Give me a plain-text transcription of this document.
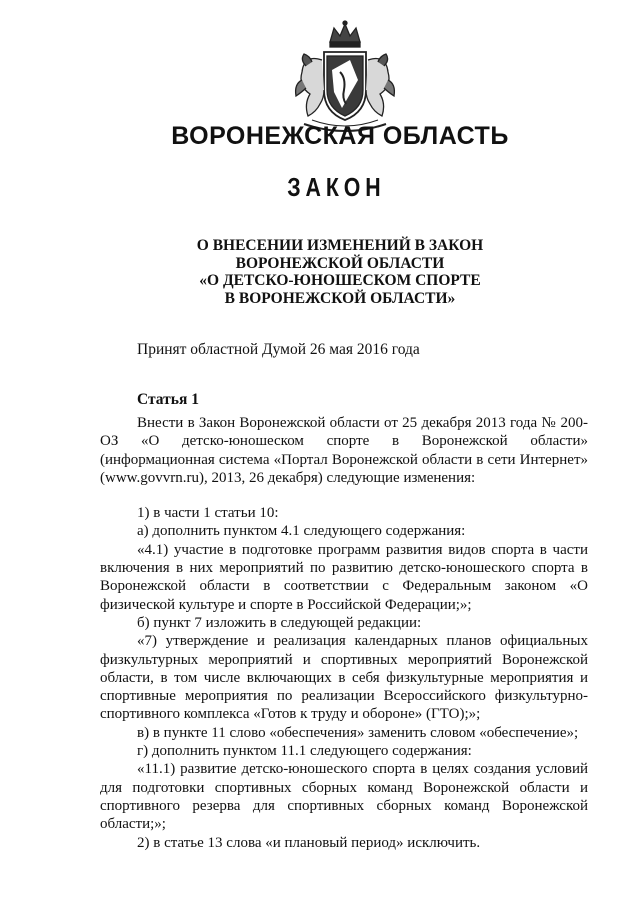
ВОРОНЕЖСКАЯ ОБЛАСТЬ
ЗАКОН
О ВНЕСЕНИИ ИЗМЕНЕНИЙ В ЗАКОН
ВОРОНЕЖСКОЙ ОБЛАСТИ
«О ДЕТСКО-ЮНОШЕСКОМ СПОРТЕ
В ВОРОНЕЖСКОЙ ОБЛАСТИ»
Принят областной Думой 26 мая 2016 года
Статья 1

Внести в Закон Воронежской области от 25 декабря 2013 года № 200-ОЗ «О детско-юношеском спорте в Воронежской области» (информационная система «Портал Воронежской области в сети Интернет» (www.govvrn.ru), 2013, 26 декабря) следующие изменения:

1) в части 1 статьи 10:

а) дополнить пунктом 4.1 следующего содержания:

«4.1) участие в подготовке программ развития видов спорта в части включения в них мероприятий по развитию детско-юношеского спорта в Воронежской области в соответствии с Федеральным законом «О физической культуре и спорте в Российской Федерации;»;

б) пункт 7 изложить в следующей редакции:

«7) утверждение и реализация календарных планов официальных физкультурных мероприятий и спортивных мероприятий Воронежской области, в том числе включающих в себя физкультурные мероприятия и спортивные мероприятия по реализации Всероссийского физкультурно-спортивного комплекса «Готов к труду и обороне» (ГТО);»;

в) в пункте 11 слово «обеспечения» заменить словом «обеспечение»;

г) дополнить пунктом 11.1 следующего содержания:

«11.1) развитие детско-юношеского спорта в целях создания условий для подготовки спортивных сборных команд Воронежской области и спортивного резерва для спортивных сборных команд Воронежской области;»;

2) в статье 13 слова «и плановый период» исключить.
